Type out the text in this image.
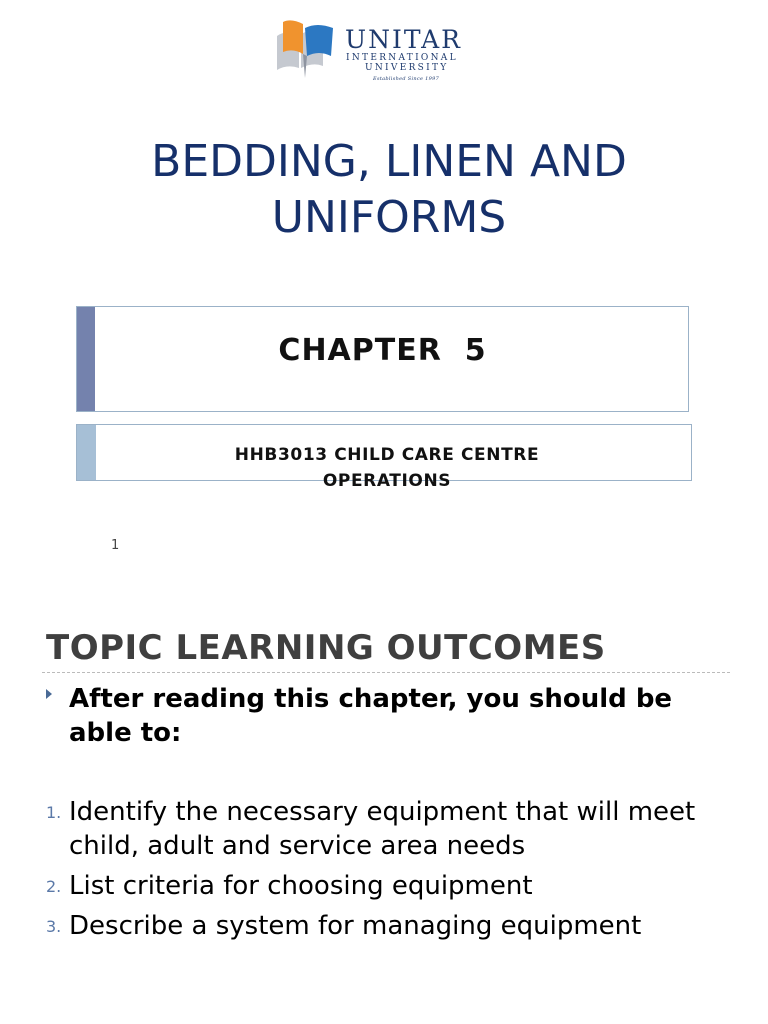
UNITAR
INTERNATIONAL
UNIVERSITY
Established Since 1997
BEDDING, LINEN AND UNIFORMS
CHAPTER  5
HHB3013 CHILD CARE CENTRE OPERATIONS
1
TOPIC LEARNING OUTCOMES
After reading this chapter, you should be able to:
1. Identify the necessary equipment that will meet child, adult and service area needs
2. List criteria for choosing equipment
3. Describe a system for managing equipment
